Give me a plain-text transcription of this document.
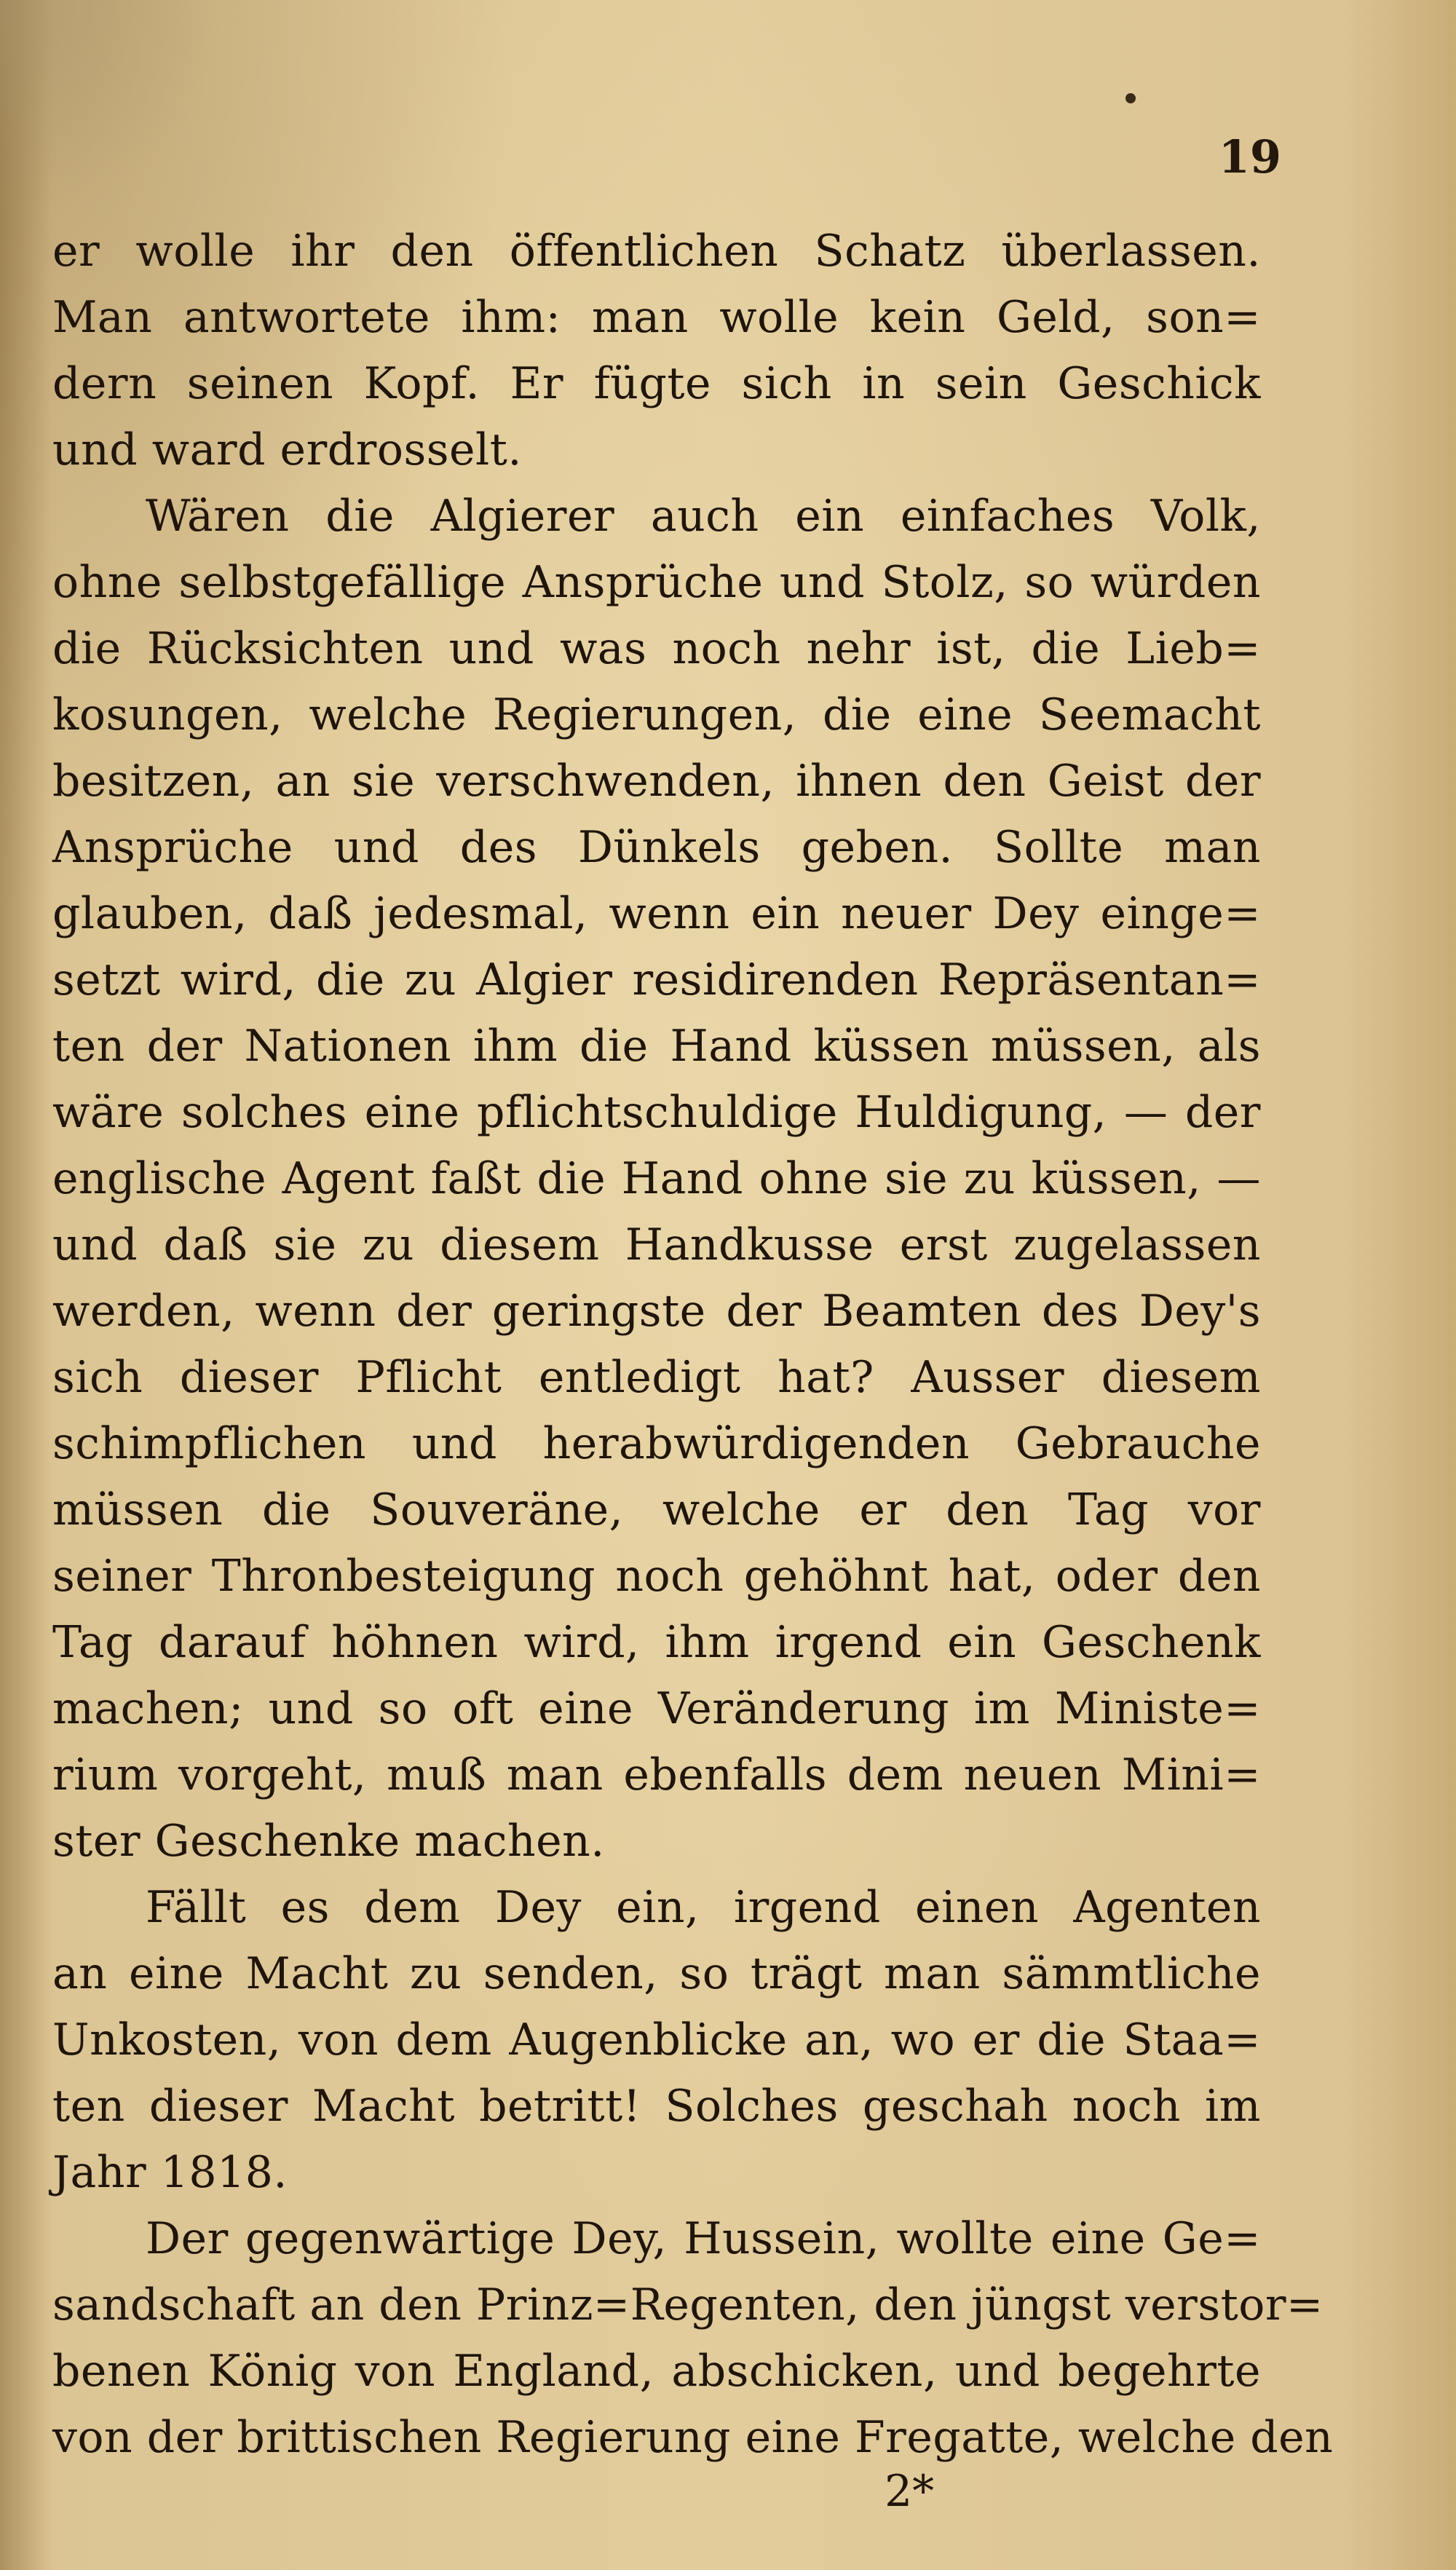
19
er wolle ihr den öffentlichen Schatz überlassen.
Man antwortete ihm: man wolle kein Geld, son=
dern seinen Kopf. Er fügte sich in sein Geschick
und ward erdrosselt.
Wären die Algierer auch ein einfaches Volk,
ohne selbstgefällige Ansprüche und Stolz, so würden
die Rücksichten und was noch nehr ist, die Lieb=
kosungen, welche Regierungen, die eine Seemacht
besitzen, an sie verschwenden, ihnen den Geist der
Ansprüche und des Dünkels geben. Sollte man
glauben, daß jedesmal, wenn ein neuer Dey einge=
setzt wird, die zu Algier residirenden Repräsentan=
ten der Nationen ihm die Hand küssen müssen, als
wäre solches eine pflichtschuldige Huldigung, — der
englische Agent faßt die Hand ohne sie zu küssen, —
und daß sie zu diesem Handkusse erst zugelassen
werden, wenn der geringste der Beamten des Dey's
sich dieser Pflicht entledigt hat? Ausser diesem
schimpflichen und herabwürdigenden Gebrauche
müssen die Souveräne, welche er den Tag vor
seiner Thronbesteigung noch gehöhnt hat, oder den
Tag darauf höhnen wird, ihm irgend ein Geschenk
machen; und so oft eine Veränderung im Ministe=
rium vorgeht, muß man ebenfalls dem neuen Mini=
ster Geschenke machen.
Fällt es dem Dey ein, irgend einen Agenten
an eine Macht zu senden, so trägt man sämmtliche
Unkosten, von dem Augenblicke an, wo er die Staa=
ten dieser Macht betritt! Solches geschah noch im
Jahr 1818.
Der gegenwärtige Dey, Hussein, wollte eine Ge=
sandschaft an den Prinz=Regenten, den jüngst verstor=
benen König von England, abschicken, und begehrte
von der brittischen Regierung eine Fregatte, welche den
2*
